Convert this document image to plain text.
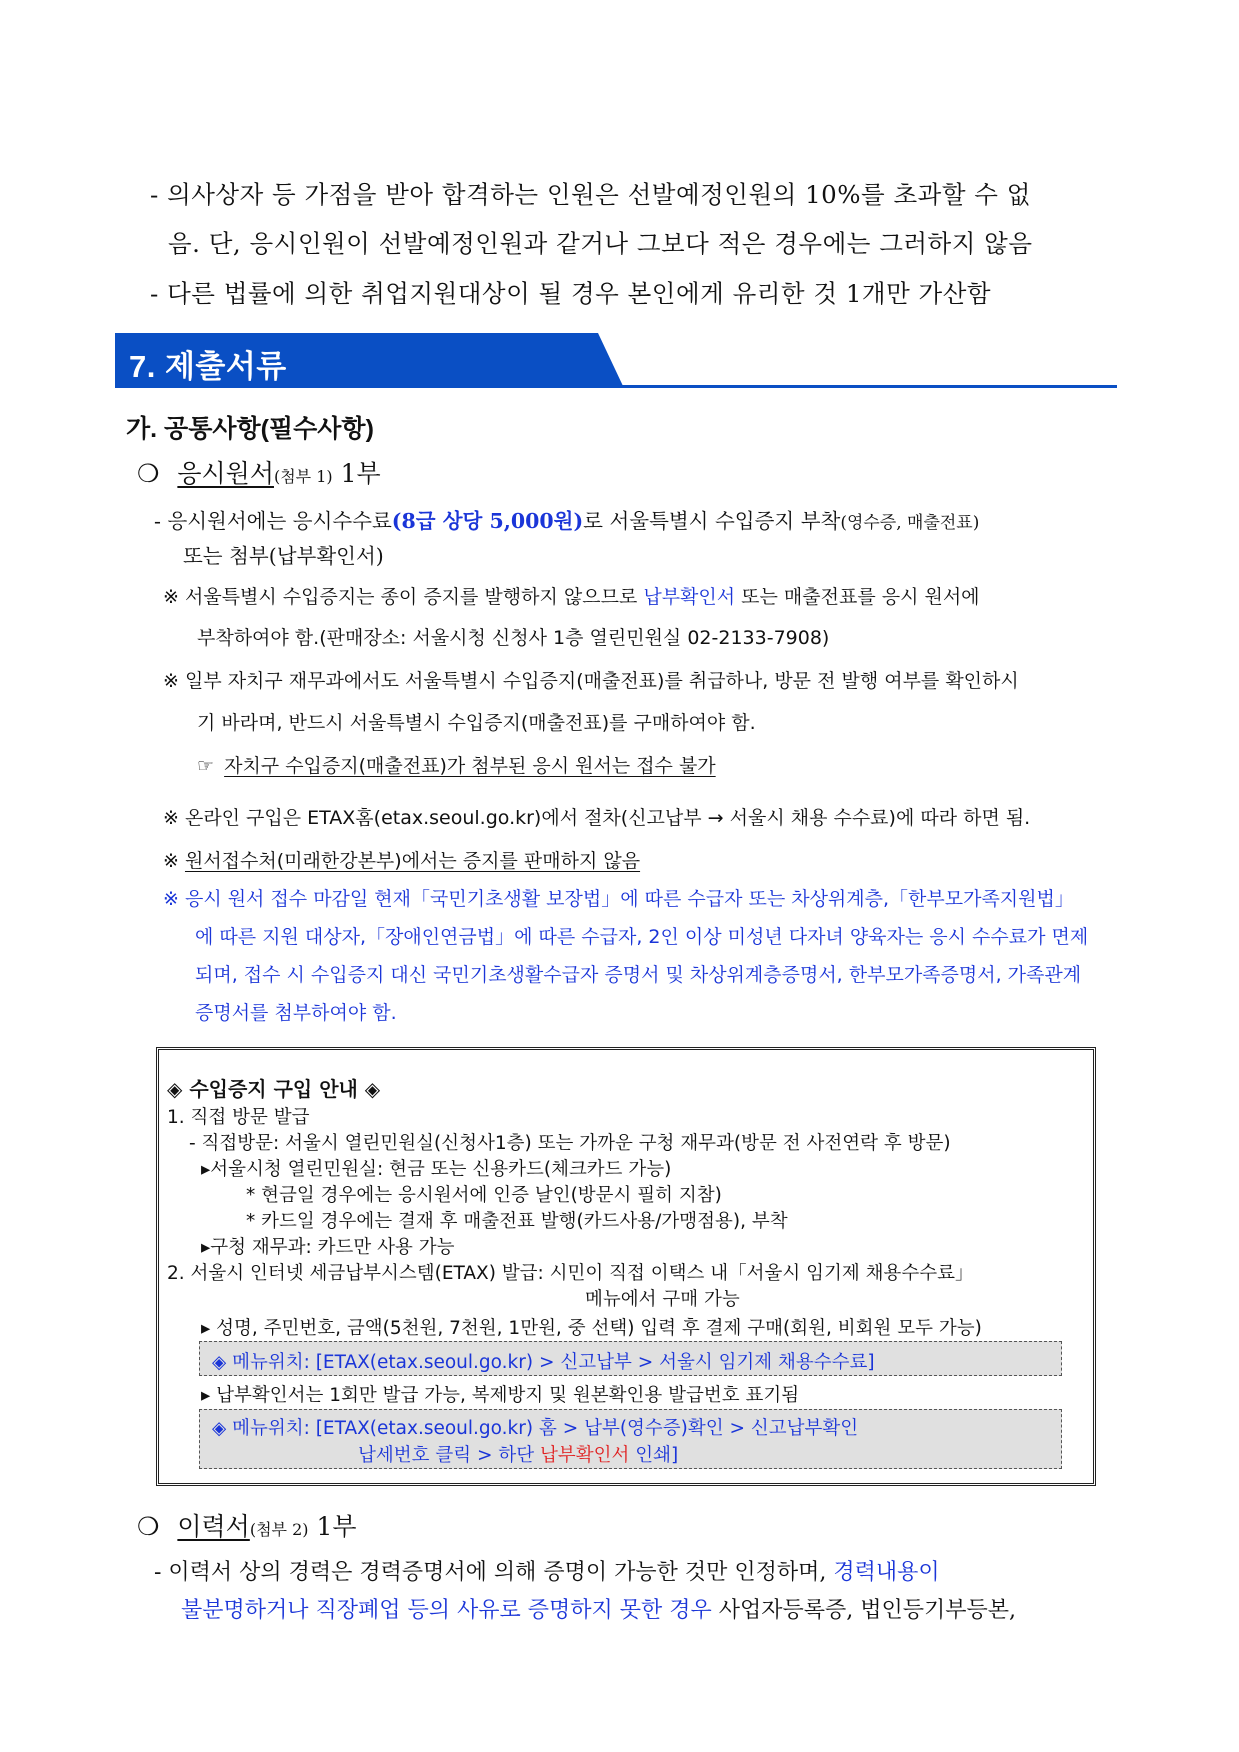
- 의사상자 등 가점을 받아 합격하는 인원은 선발예정인원의 10%를 초과할 수 없
음. 단, 응시인원이 선발예정인원과 같거나 그보다 적은 경우에는 그러하지 않음
- 다른 법률에 의한 취업지원대상이 될 경우 본인에게 유리한 것 1개만 가산함
7. 제출서류
가. 공통사항(필수사항)
❍ 응시원서(첨부 1) 1부
- 응시원서에는 응시수수료(8급 상당 5,000원)로 서울특별시 수입증지 부착(영수증, 매출전표)
또는 첨부(납부확인서)
※ 서울특별시 수입증지는 종이 증지를 발행하지 않으므로 납부확인서 또는 매출전표를 응시 원서에
부착하여야 함.(판매장소: 서울시청 신청사 1층 열린민원실 02-2133-7908)
※ 일부 자치구 재무과에서도 서울특별시 수입증지(매출전표)를 취급하나, 방문 전 발행 여부를 확인하시
기 바라며, 반드시 서울특별시 수입증지(매출전표)를 구매하여야 함.
☞ 자치구 수입증지(매출전표)가 첨부된 응시 원서는 접수 불가
※ 온라인 구입은 ETAX홈(etax.seoul.go.kr)에서 절차(신고납부 → 서울시 채용 수수료)에 따라 하면 됨.
※ 원서접수처(미래한강본부)에서는 증지를 판매하지 않음
※ 응시 원서 접수 마감일 현재「국민기초생활 보장법」에 따른 수급자 또는 차상위계층,「한부모가족지원법」
에 따른 지원 대상자,「장애인연금법」에 따른 수급자, 2인 이상 미성년 다자녀 양육자는 응시 수수료가 면제
되며, 접수 시 수입증지 대신 국민기초생활수급자 증명서 및 차상위계층증명서, 한부모가족증명서, 가족관계
증명서를 첨부하여야 함.
◈ 수입증지 구입 안내 ◈
1. 직접 방문 발급
- 직접방문: 서울시 열린민원실(신청사1층) 또는 가까운 구청 재무과(방문 전 사전연락 후 방문)
▸서울시청 열린민원실: 현금 또는 신용카드(체크카드 가능)
* 현금일 경우에는 응시원서에 인증 날인(방문시 필히 지참)
* 카드일 경우에는 결재 후 매출전표 발행(카드사용/가맹점용), 부착
▸구청 재무과: 카드만 사용 가능
2. 서울시 인터넷 세금납부시스템(ETAX) 발급: 시민이 직접 이택스 내「서울시 임기제 채용수수료」
메뉴에서 구매 가능
▸ 성명, 주민번호, 금액(5천원, 7천원, 1만원, 중 선택) 입력 후 결제 구매(회원, 비회원 모두 가능)
◈ 메뉴위치: [ETAX(etax.seoul.go.kr) > 신고납부 > 서울시 임기제 채용수수료]
▸ 납부확인서는 1회만 발급 가능, 복제방지 및 원본확인용 발급번호 표기됨
◈ 메뉴위치: [ETAX(etax.seoul.go.kr) 홈 > 납부(영수증)확인 > 신고납부확인
납세번호 클릭 > 하단 납부확인서 인쇄]
❍ 이력서(첨부 2) 1부
- 이력서 상의 경력은 경력증명서에 의해 증명이 가능한 것만 인정하며, 경력내용이
불분명하거나 직장폐업 등의 사유로 증명하지 못한 경우 사업자등록증, 법인등기부등본,
